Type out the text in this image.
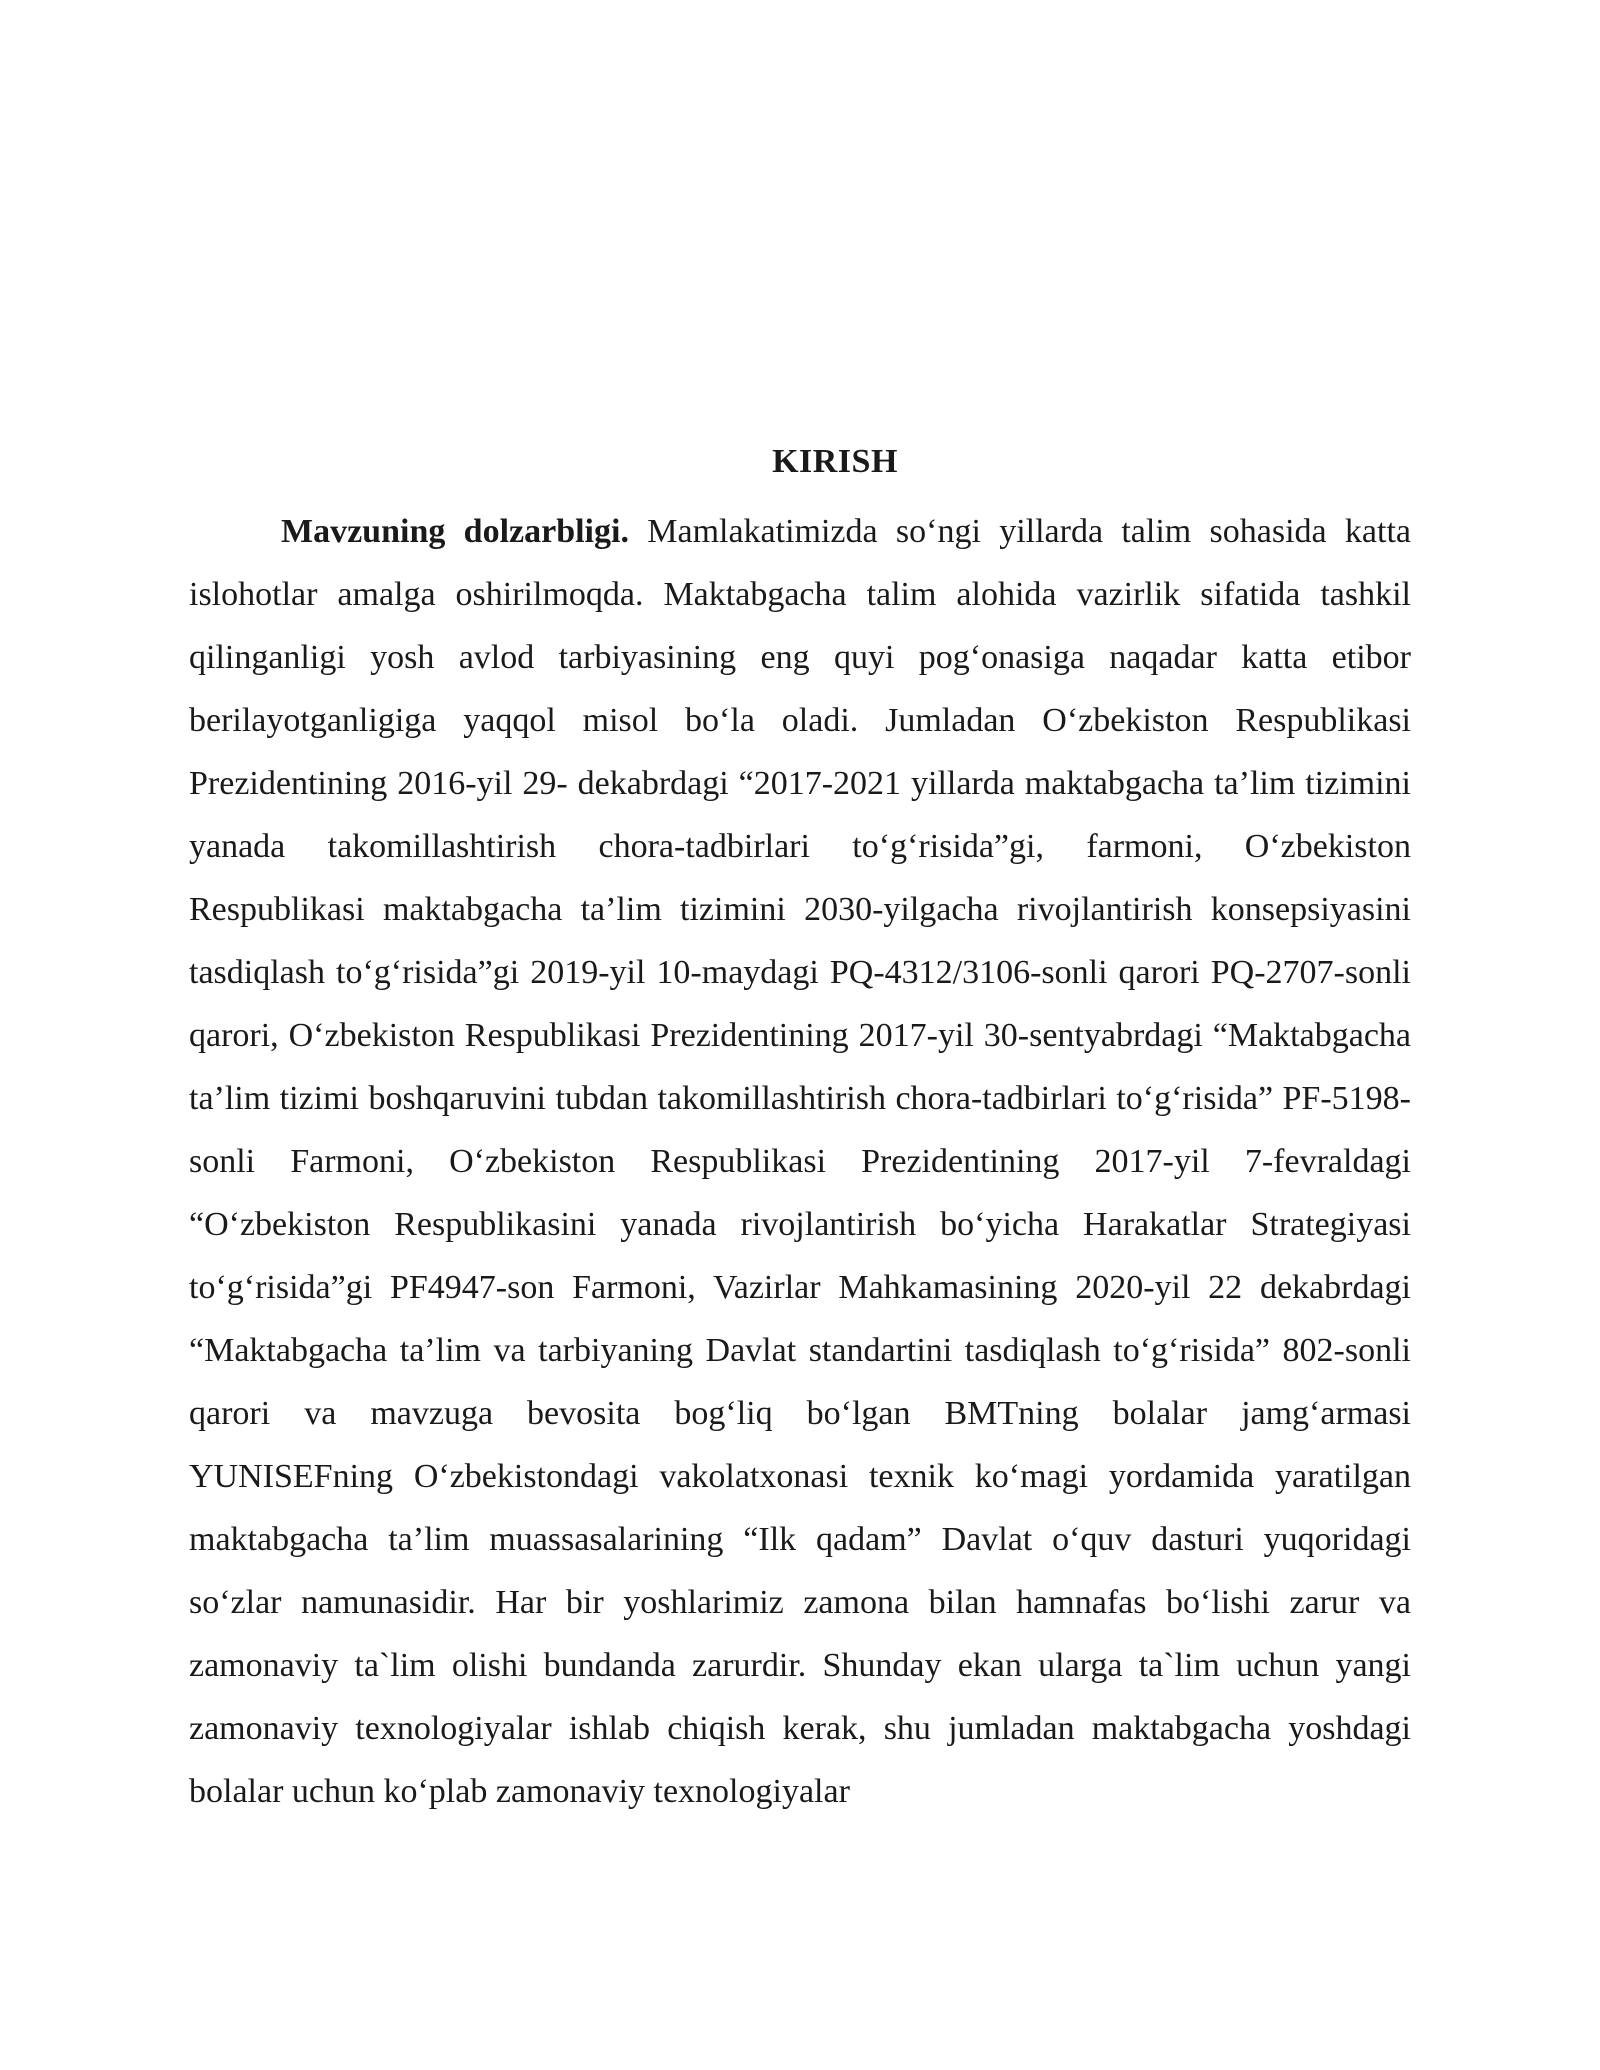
KIRISH

Mavzuning dolzarbligi. Mamlakatimizda so‘ngi yillarda talim sohasida katta islohotlar amalga oshirilmoqda. Maktabgacha talim alohida vazirlik sifatida tashkil qilinganligi yosh avlod tarbiyasining eng quyi pog‘onasiga naqadar katta etibor berilayotganligiga yaqqol misol bo‘la oladi. Jumladan O‘zbekiston Respublikasi Prezidentining 2016-yil 29- dekabrdagi “2017-2021 yillarda maktabgacha ta’lim tizimini yanada takomillashtirish chora-tadbirlari to‘g‘risida”gi, farmoni, O‘zbekiston Respublikasi maktabgacha ta’lim tizimini 2030-yilgacha rivojlantirish konsepsiyasini tasdiqlash to‘g‘risida”gi 2019-yil 10-maydagi PQ-4312/3106-sonli qarori PQ-2707-sonli qarori, O‘zbekiston Respublikasi Prezidentining 2017-yil 30-sentyabrdagi “Maktabgacha ta’lim tizimi boshqaruvini tubdan takomillashtirish chora-tadbirlari to‘g‘risida” PF-5198-sonli Farmoni, O‘zbekiston Respublikasi Prezidentining 2017-yil 7-fevraldagi “O‘zbekiston Respublikasini yanada rivojlantirish bo‘yicha Harakatlar Strategiyasi to‘g‘risida”gi PF4947-son Farmoni, Vazirlar Mahkamasining 2020-yil 22 dekabrdagi “Maktabgacha ta’lim va tarbiyaning Davlat standartini tasdiqlash to‘g‘risida” 802-sonli qarori va mavzuga bevosita bog‘liq bo‘lgan BMTning bolalar jamg‘armasi YUNISEFning O‘zbekistondagi vakolatxonasi texnik ko‘magi yordamida yaratilgan maktabgacha ta’lim muassasalarining “Ilk qadam” Davlat o‘quv dasturi yuqoridagi so‘zlar namunasidir. Har bir yoshlarimiz zamona bilan hamnafas bo‘lishi zarur va zamonaviy ta`lim olishi bundanda zarurdir. Shunday ekan ularga ta`lim uchun yangi zamonaviy texnologiyalar ishlab chiqish kerak, shu jumladan maktabgacha yoshdagi bolalar uchun ko‘plab zamonaviy texnologiyalar
